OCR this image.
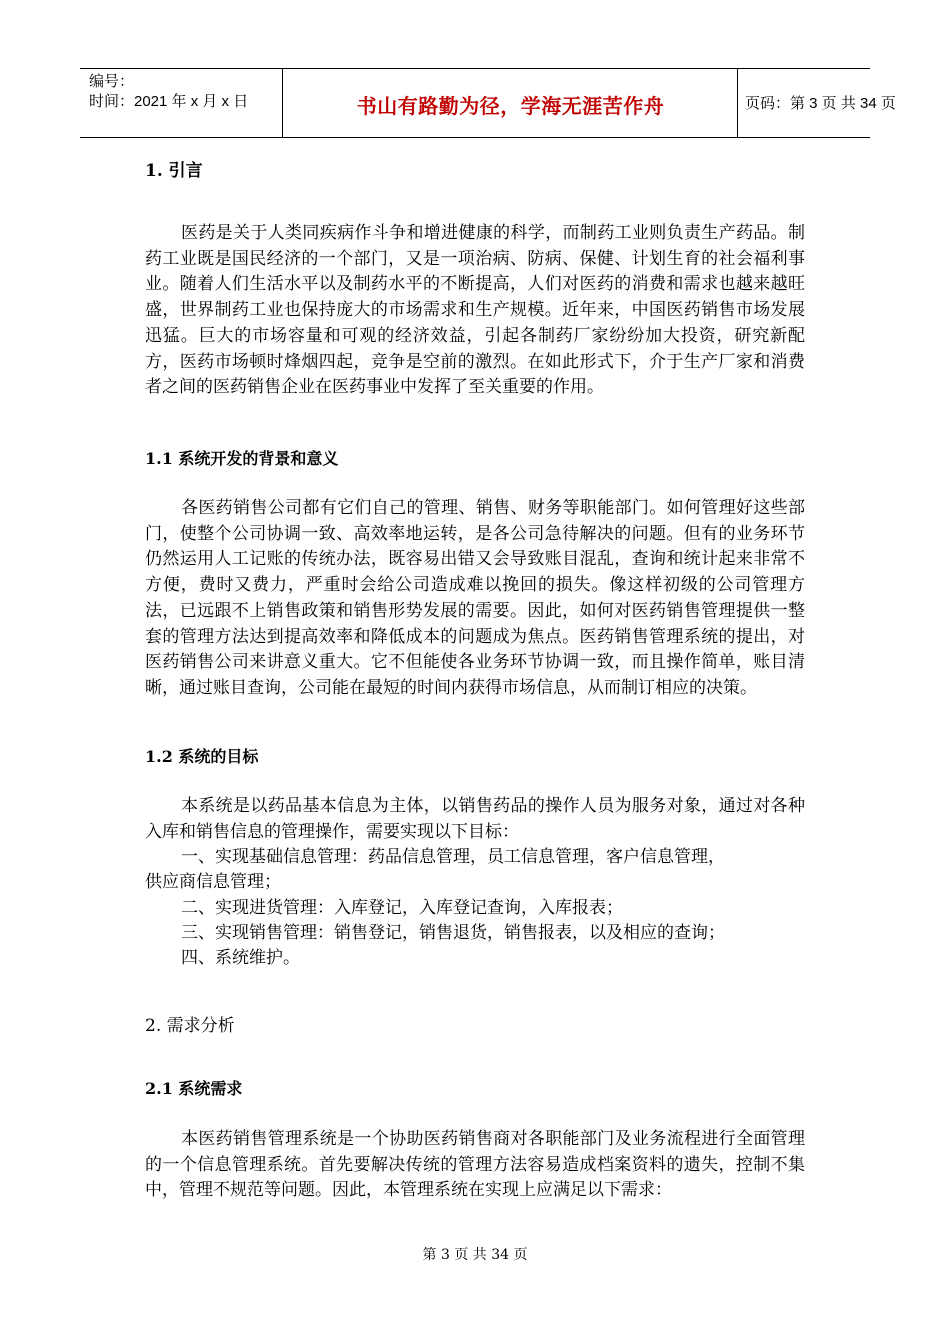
编号：
时间：2021 年 x 月 x 日	书山有路勤为径，学海无涯苦作舟	页码：第 3 页 共 34 页
1. 引言
医药是关于人类同疾病作斗争和增进健康的科学，而制药工业则负责生产药品。制药工业既是国民经济的一个部门，又是一项治病、防病、保健、计划生育的社会福利事业。随着人们生活水平以及制药水平的不断提高，人们对医药的消费和需求也越来越旺盛，世界制药工业也保持庞大的市场需求和生产规模。近年来，中国医药销售市场发展迅猛。巨大的市场容量和可观的经济效益，引起各制药厂家纷纷加大投资，研究新配方，医药市场顿时烽烟四起，竞争是空前的激烈。在如此形式下，介于生产厂家和消费者之间的医药销售企业在医药事业中发挥了至关重要的作用。
1.1 系统开发的背景和意义
各医药销售公司都有它们自己的管理、销售、财务等职能部门。如何管理好这些部门，使整个公司协调一致、高效率地运转，是各公司急待解决的问题。但有的业务环节仍然运用人工记账的传统办法，既容易出错又会导致账目混乱，查询和统计起来非常不方便，费时又费力，严重时会给公司造成难以挽回的损失。像这样初级的公司管理方法，已远跟不上销售政策和销售形势发展的需要。因此，如何对医药销售管理提供一整套的管理方法达到提高效率和降低成本的问题成为焦点。医药销售管理系统的提出，对医药销售公司来讲意义重大。它不但能使各业务环节协调一致，而且操作简单，账目清晰，通过账目查询，公司能在最短的时间内获得市场信息，从而制订相应的决策。
1.2 系统的目标
本系统是以药品基本信息为主体，以销售药品的操作人员为服务对象，通过对各种入库和销售信息的管理操作，需要实现以下目标：
一、实现基础信息管理：药品信息管理，员工信息管理，客户信息管理，
供应商信息管理；
二、实现进货管理：入库登记，入库登记查询，入库报表；
三、实现销售管理：销售登记，销售退货，销售报表，以及相应的查询；
四、系统维护。
2. 需求分析
2.1 系统需求
本医药销售管理系统是一个协助医药销售商对各职能部门及业务流程进行全面管理的一个信息管理系统。首先要解决传统的管理方法容易造成档案资料的遗失，控制不集中，管理不规范等问题。因此，本管理系统在实现上应满足以下需求：
第 3 页 共 34 页
